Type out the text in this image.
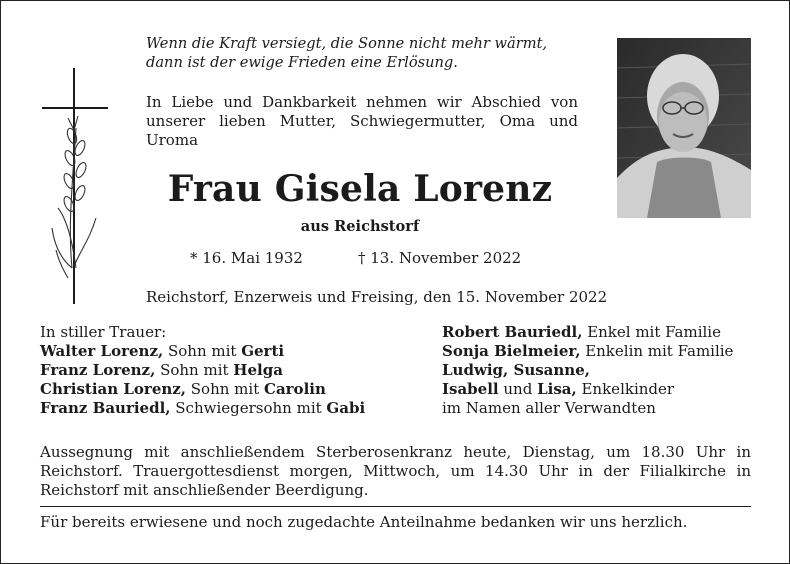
Wenn die Kraft versiegt, die Sonne nicht mehr wärmt,
dann ist der ewige Frieden eine Erlösung.
In Liebe und Dankbarkeit nehmen wir Abschied von unserer lieben Mutter, Schwiegermutter, Oma und Uroma
Frau Gisela Lorenz
aus Reichstorf
* 16. Mai 1932	† 13. November 2022
Reichstorf, Enzerweis und Freising, den 15. November 2022
In stiller Trauer:
Walter Lorenz, Sohn mit Gerti
Franz Lorenz, Sohn mit Helga
Christian Lorenz, Sohn mit Carolin
Franz Bauriedl, Schwiegersohn mit Gabi
Robert Bauriedl, Enkel mit Familie
Sonja Bielmeier, Enkelin mit Familie
Ludwig, Susanne,
Isabell und Lisa, Enkelkinder
im Namen aller Verwandten
Aussegnung mit anschließendem Sterberosenkranz heute, Dienstag, um 18.30 Uhr in Reichstorf. Trauergottesdienst morgen, Mittwoch, um 14.30 Uhr in der Filialkirche in Reichstorf mit anschließender Beerdigung.
Für bereits erwiesene und noch zugedachte Anteilnahme bedanken wir uns herzlich.
